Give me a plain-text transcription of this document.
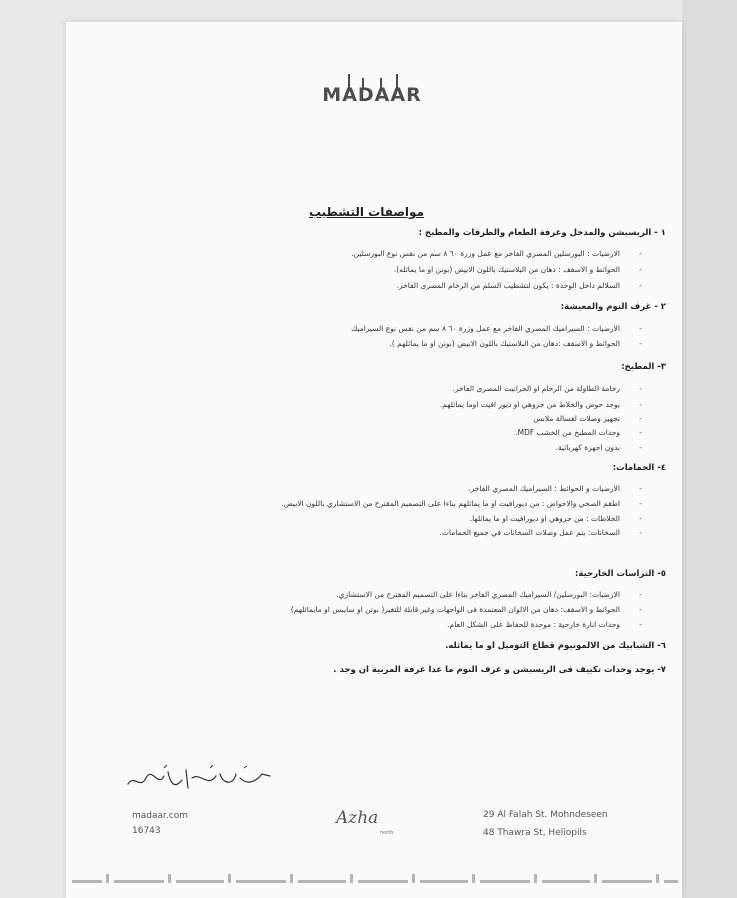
MADAAR
مواصفات التشطيب
١ - الريسبشن والمدخل وغرفة الطعام والطرقات والمطبخ :
- الارضيات : البورسلين المصري الفاخر مع عمل وزرة ٦٠ ٨ سم من نفس نوع البورسلين.
- الحوائط و الاسقف : دهان من البلاستيك باللون الابيض (بوتن او ما يماثله).
- السلالم داخل الوحدة : يكون لتشطيب السلم من الرخام المصرى الفاخر.
٢ - غرف النوم والمعيشة:
- الارضيات : السيراميك المصري الفاخر مع عمل وزرة ٦٠ ٨ سم من نفس نوع السيراميك
- الحوائط و الاسقف :دهان من البلاستيك باللون الابيض (بوتن او ما يماثلهم ).
٣- المطبخ:
- رخامة الطاولة من الرخام او الجرانيت المصرى الفاخر.
- يوجد حوض والخلاط من جروهي او ديور افيت اوما يماثلهم.
- تجهيز وصلات لغسالة ملابس
- وحدات المطبخ من الخشب MDF.
- بدون اجهزة كهربائية.
٤- الحمامات:
- الارضيات و الحوائط : السيراميك المصري الفاخر.
- اطقم الصحي والاحواض : من ديورافيت او ما يماثلهم بناءا على التصميم المقترح من الاستشاري باللون الابيض.
- الخلاطات : من جروهي او ديورافيت او ما يماثلها.
- السخانات: يتم عمل وصلات السخانات في جميع الحمامات.
٥- التراسات الخارجية:
- الارضيات: البورسلين/ السيراميك المصري الفاخر بناءا على التصميم المقترح من الاستشاري.
- الحوائط و الاسقف: دهان من الالوان المعتمدة فى الواجهات وغير قابلة للتغير( بوتن او سايبس او مايماثلهم)
- وحدات انارة خارجية : موحدة للحفاظ على الشكل العام.
٦- الشبابيك من الالمونيوم قطاع التوميل او ما يماثله.
٧- يوجد وحدات تكييف فى الريسبشن و غرف النوم ما عدا غرفة المربية ان وجد .
madaar.com
16743
Azha
north
29 Al Falah St. Mohndeseen
48 Thawra St, Heliopils
